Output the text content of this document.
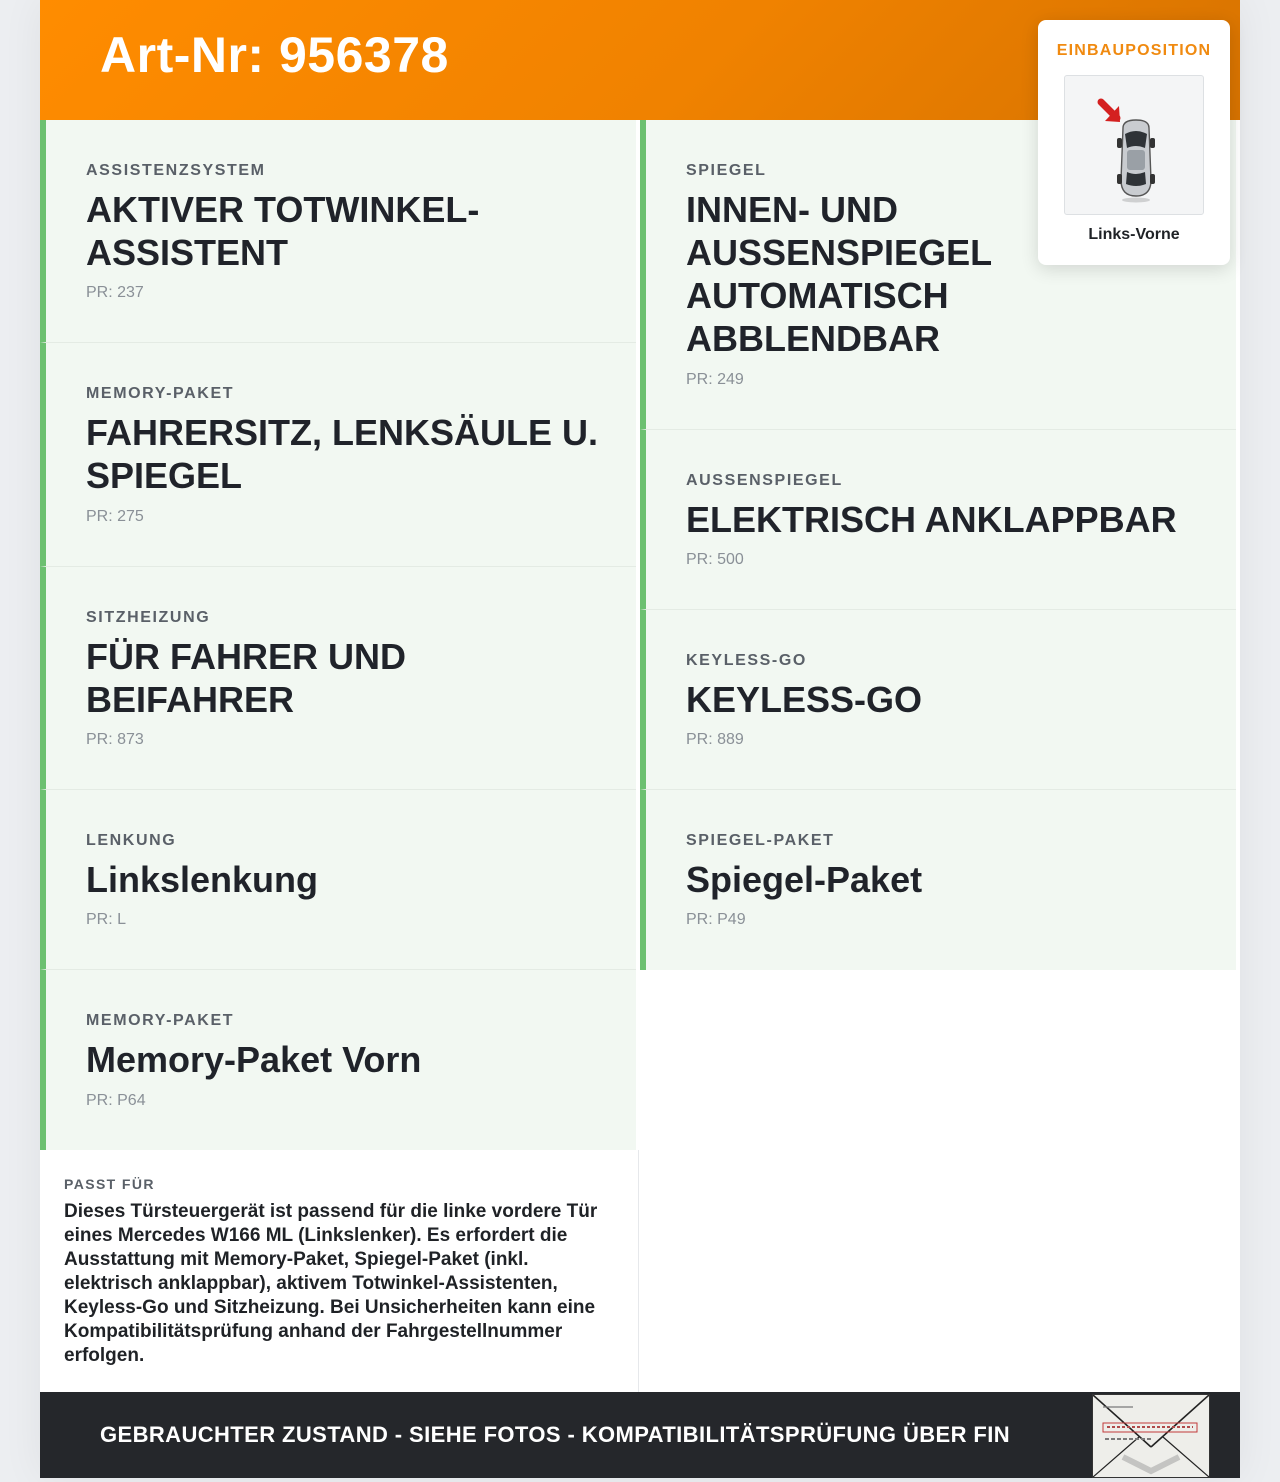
Art-Nr: 956378
ASSISTENZSYSTEM
AKTIVER TOTWINKEL-ASSISTENT
PR: 237
MEMORY-PAKET
FAHRERSITZ, LENKSÄULE U. SPIEGEL
PR: 275
SITZHEIZUNG
FÜR FAHRER UND BEIFAHRER
PR: 873
LENKUNG
Linkslenkung
PR: L
MEMORY-PAKET
Memory-Paket Vorn
PR: P64
SPIEGEL
INNEN- UND AUSSENSPIEGEL AUTOMATISCH ABBLENDBAR
PR: 249
AUSSENSPIEGEL
ELEKTRISCH ANKLAPPBAR
PR: 500
KEYLESS-GO
KEYLESS-GO
PR: 889
SPIEGEL-PAKET
Spiegel-Paket
PR: P49
PASST FÜR
Dieses Türsteuergerät ist passend für die linke vordere Tür eines Mercedes W166 ML (Linkslenker). Es erfordert die Ausstattung mit Memory-Paket, Spiegel-Paket (inkl. elektrisch anklappbar), aktivem Totwinkel-Assistenten, Keyless-Go und Sitzheizung. Bei Unsicherheiten kann eine Kompatibilitätsprüfung anhand der Fahrgestellnummer erfolgen.
GEBRAUCHTER ZUSTAND - SIEHE FOTOS - KOMPATIBILITÄTSPRÜFUNG ÜBER FIN
EINBAUPOSITION
Links-Vorne
